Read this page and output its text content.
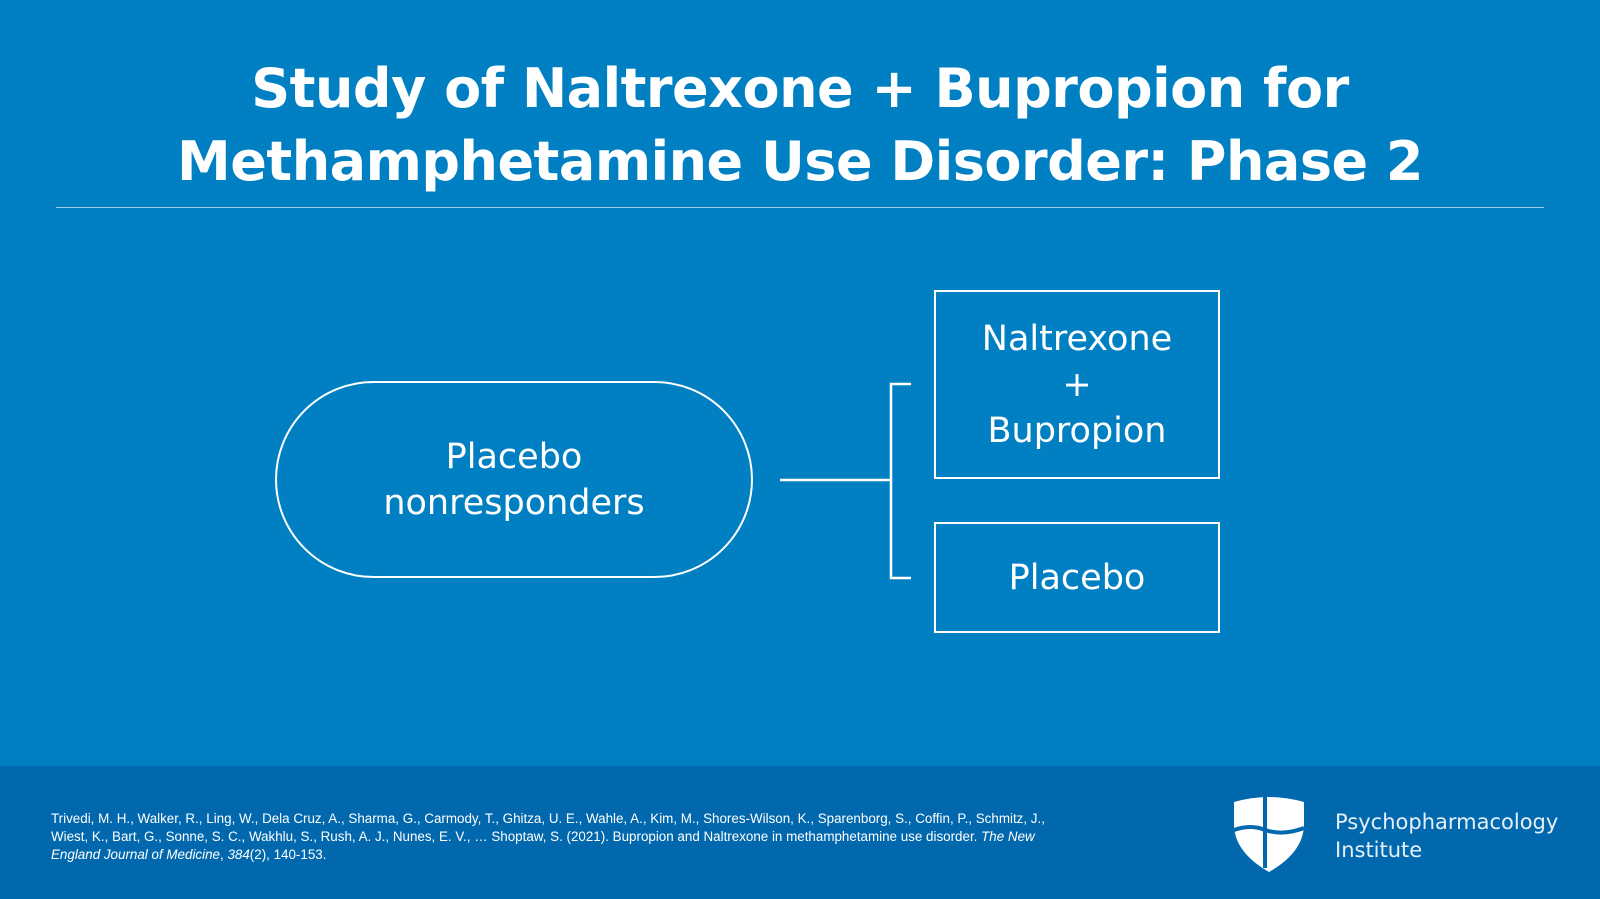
Study of Naltrexone + Bupropion for
Methamphetamine Use Disorder: Phase 2
Placebo
nonresponders
Naltrexone
+
Bupropion
Placebo
Trivedi, M. H., Walker, R., Ling, W., Dela Cruz, A., Sharma, G., Carmody, T., Ghitza, U. E., Wahle, A., Kim, M., Shores-Wilson, K., Sparenborg, S., Coffin, P., Schmitz, J., Wiest, K., Bart, G., Sonne, S. C., Wakhlu, S., Rush, A. J., Nunes, E. V., … Shoptaw, S. (2021). Bupropion and Naltrexone in methamphetamine use disorder. The New England Journal of Medicine, 384(2), 140-153.
Psychopharmacology
Institute
